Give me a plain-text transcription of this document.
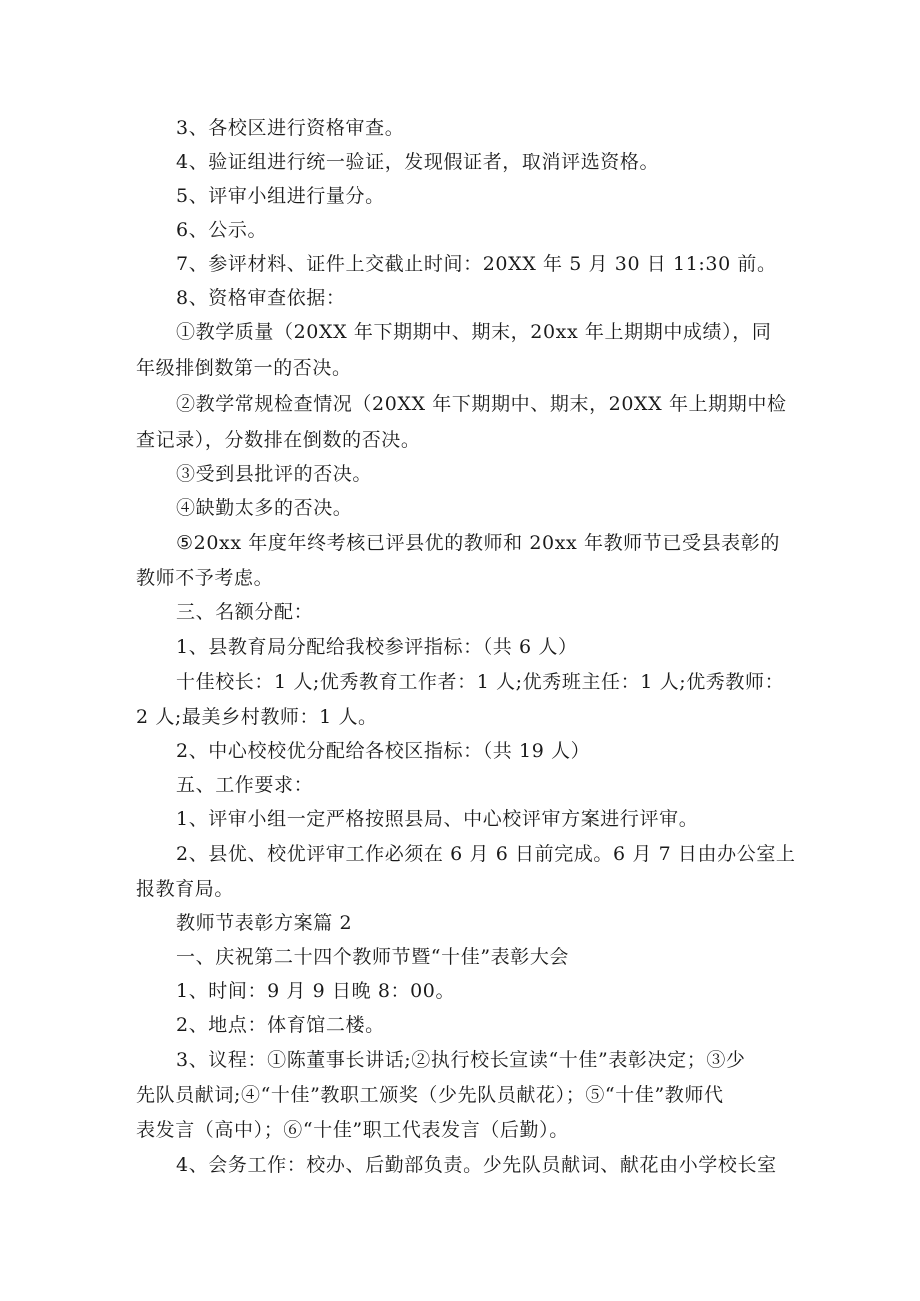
3、各校区进行资格审查。
4、验证组进行统一验证，发现假证者，取消评选资格。
5、评审小组进行量分。
6、公示。
7、参评材料、证件上交截止时间：20XX 年 5 月 30 日 11:30 前。
8、资格审查依据：
①教学质量（20XX 年下期期中、期末，20xx 年上期期中成绩），同
年级排倒数第一的否决。
②教学常规检查情况（20XX 年下期期中、期末，20XX 年上期期中检
查记录），分数排在倒数的否决。
③受到县批评的否决。
④缺勤太多的否决。
⑤20xx 年度年终考核已评县优的教师和 20xx 年教师节已受县表彰的
教师不予考虑。
三、名额分配：
1、县教育局分配给我校参评指标：（共 6 人）
十佳校长：1 人;优秀教育工作者：1 人;优秀班主任：1 人;优秀教师：
2 人;最美乡村教师：1 人。
2、中心校校优分配给各校区指标：（共 19 人）
五、工作要求：
1、评审小组一定严格按照县局、中心校评审方案进行评审。
2、县优、校优评审工作必须在 6 月 6 日前完成。6 月 7 日由办公室上
报教育局。
教师节表彰方案篇 2
一、庆祝第二十四个教师节暨“十佳”表彰大会
1、时间：9 月 9 日晚 8：00。
2、地点：体育馆二楼。
3、议程：①陈董事长讲话;②执行校长宣读“十佳”表彰决定；③少
先队员献词;④“十佳”教职工颁奖（少先队员献花）；⑤“十佳”教师代
表发言（高中）；⑥“十佳”职工代表发言（后勤）。
4、会务工作：校办、后勤部负责。少先队员献词、献花由小学校长室
